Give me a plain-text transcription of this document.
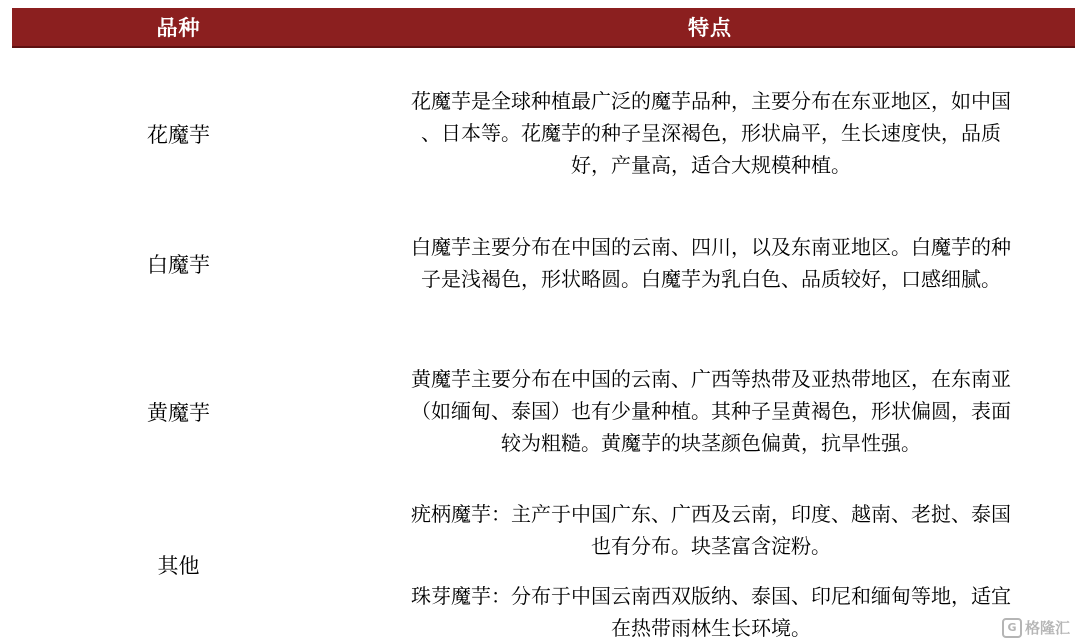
品种	特点
花魔芋

花魔芋是全球种植最广泛的魔芋品种，主要分布在东亚地区，如中国
、日本等。花魔芋的种子呈深褐色，形状扁平，生长速度快，品质
好，产量高，适合大规模种植。

白魔芋

白魔芋主要分布在中国的云南、四川，以及东南亚地区。白魔芋的种
子是浅褐色，形状略圆。白魔芋为乳白色、品质较好，口感细腻。

黄魔芋

黄魔芋主要分布在中国的云南、广西等热带及亚热带地区，在东南亚
（如缅甸、泰国）也有少量种植。其种子呈黄褐色，形状偏圆，表面
较为粗糙。黄魔芋的块茎颜色偏黄，抗旱性强。

其他

疣柄魔芋：主产于中国广东、广西及云南，印度、越南、老挝、泰国
也有分布。块茎富含淀粉。

珠芽魔芋：分布于中国云南西双版纳、泰国、印尼和缅甸等地，适宜
在热带雨林生长环境。	G 格隆汇
